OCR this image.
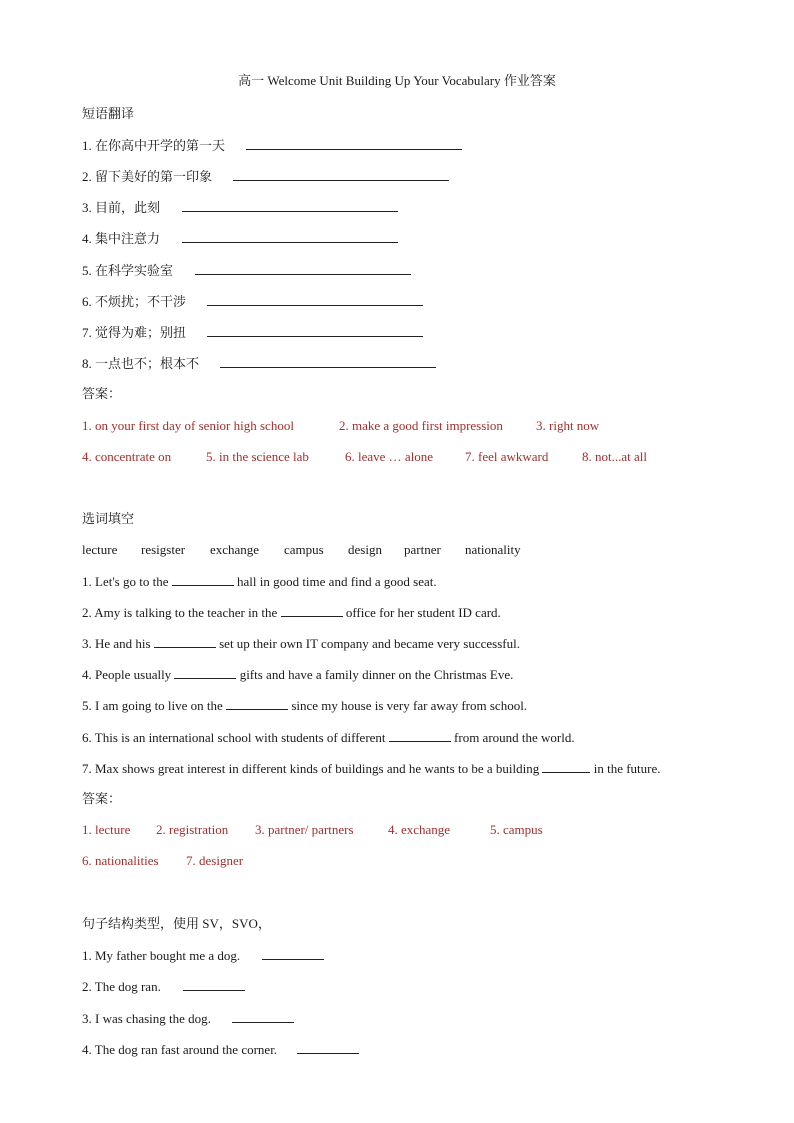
高一 Welcome Unit Building Up Your Vocabulary 作业答案
短语翻译
1. 在你高中开学的第一天
2. 留下美好的第一印象
3. 目前，此刻
4. 集中注意力
5. 在科学实验室
6. 不烦扰；不干涉
7. 觉得为难；别扭
8. 一点也不；根本不
答案：
1. on your first day of senior high school	2. make a good first impression	3. right now
4. concentrate on	5. in the science lab	6. leave … alone 7. feel awkward	8. not...at all
选词填空
lecture resigster exchange campus design partner nationality
1. Let's go to the	hall in good time and find a good seat.
2. Amy is talking to the teacher in the	office for her student ID card.
3. He and his	set up their own IT company and became very successful.
4. People usually	gifts and have a family dinner on the Christmas Eve.
5. I am going to live on the	since my house is very far away from school.
6. This is an international school with students of different	from around the world.
7. Max shows great interest in different kinds of buildings and he wants to be a building	in the future.
答案：
1. lecture 2. registration 3. partner/ partners	4. exchange	5. campus
6. nationalities 7. designer
句子结构类型，使用 SV，SVO，
1. My father bought me a dog.
2. The dog ran.
3. I was chasing the dog.
4. The dog ran fast around the corner.
